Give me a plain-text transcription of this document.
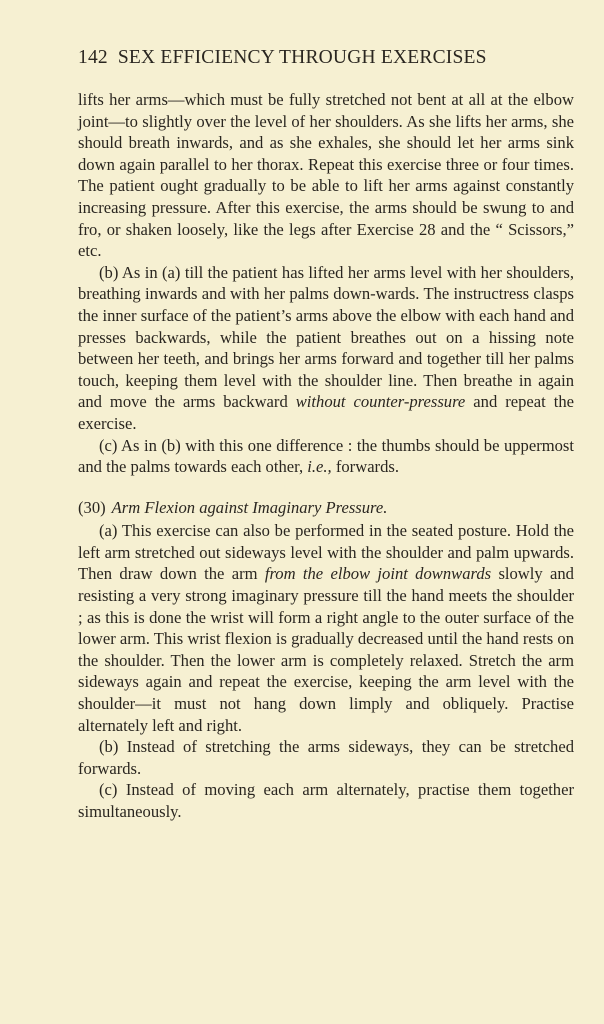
142 SEX EFFICIENCY THROUGH EXERCISES

lifts her arms—which must be fully stretched not bent at all at the elbow joint—to slightly over the level of her shoulders. As she lifts her arms, she should breath inwards, and as she exhales, she should let her arms sink down again parallel to her thorax. Repeat this exercise three or four times. The patient ought gradually to be able to lift her arms against constantly increasing pressure. After this exercise, the arms should be swung to and fro, or shaken loosely, like the legs after Exercise 28 and the “ Scissors,” etc.

(b) As in (a) till the patient has lifted her arms level with her shoulders, breathing inwards and with her palms down-wards. The instructress clasps the inner surface of the patient’s arms above the elbow with each hand and presses backwards, while the patient breathes out on a hissing note between her teeth, and brings her arms forward and together till her palms touch, keeping them level with the shoulder line. Then breathe in again and move the arms backward without counter-pressure and repeat the exercise.

(c) As in (b) with this one difference : the thumbs should be uppermost and the palms towards each other, i.e., forwards.

(30) Arm Flexion against Imaginary Pressure.

(a) This exercise can also be performed in the seated posture. Hold the left arm stretched out sideways level with the shoulder and palm upwards. Then draw down the arm from the elbow joint downwards slowly and resisting a very strong imaginary pressure till the hand meets the shoulder ; as this is done the wrist will form a right angle to the outer surface of the lower arm. This wrist flexion is gradually decreased until the hand rests on the shoulder. Then the lower arm is completely relaxed. Stretch the arm sideways again and repeat the exercise, keeping the arm level with the shoulder—it must not hang down limply and obliquely. Practise alternately left and right.

(b) Instead of stretching the arms sideways, they can be stretched forwards.

(c) Instead of moving each arm alternately, practise them together simultaneously.
